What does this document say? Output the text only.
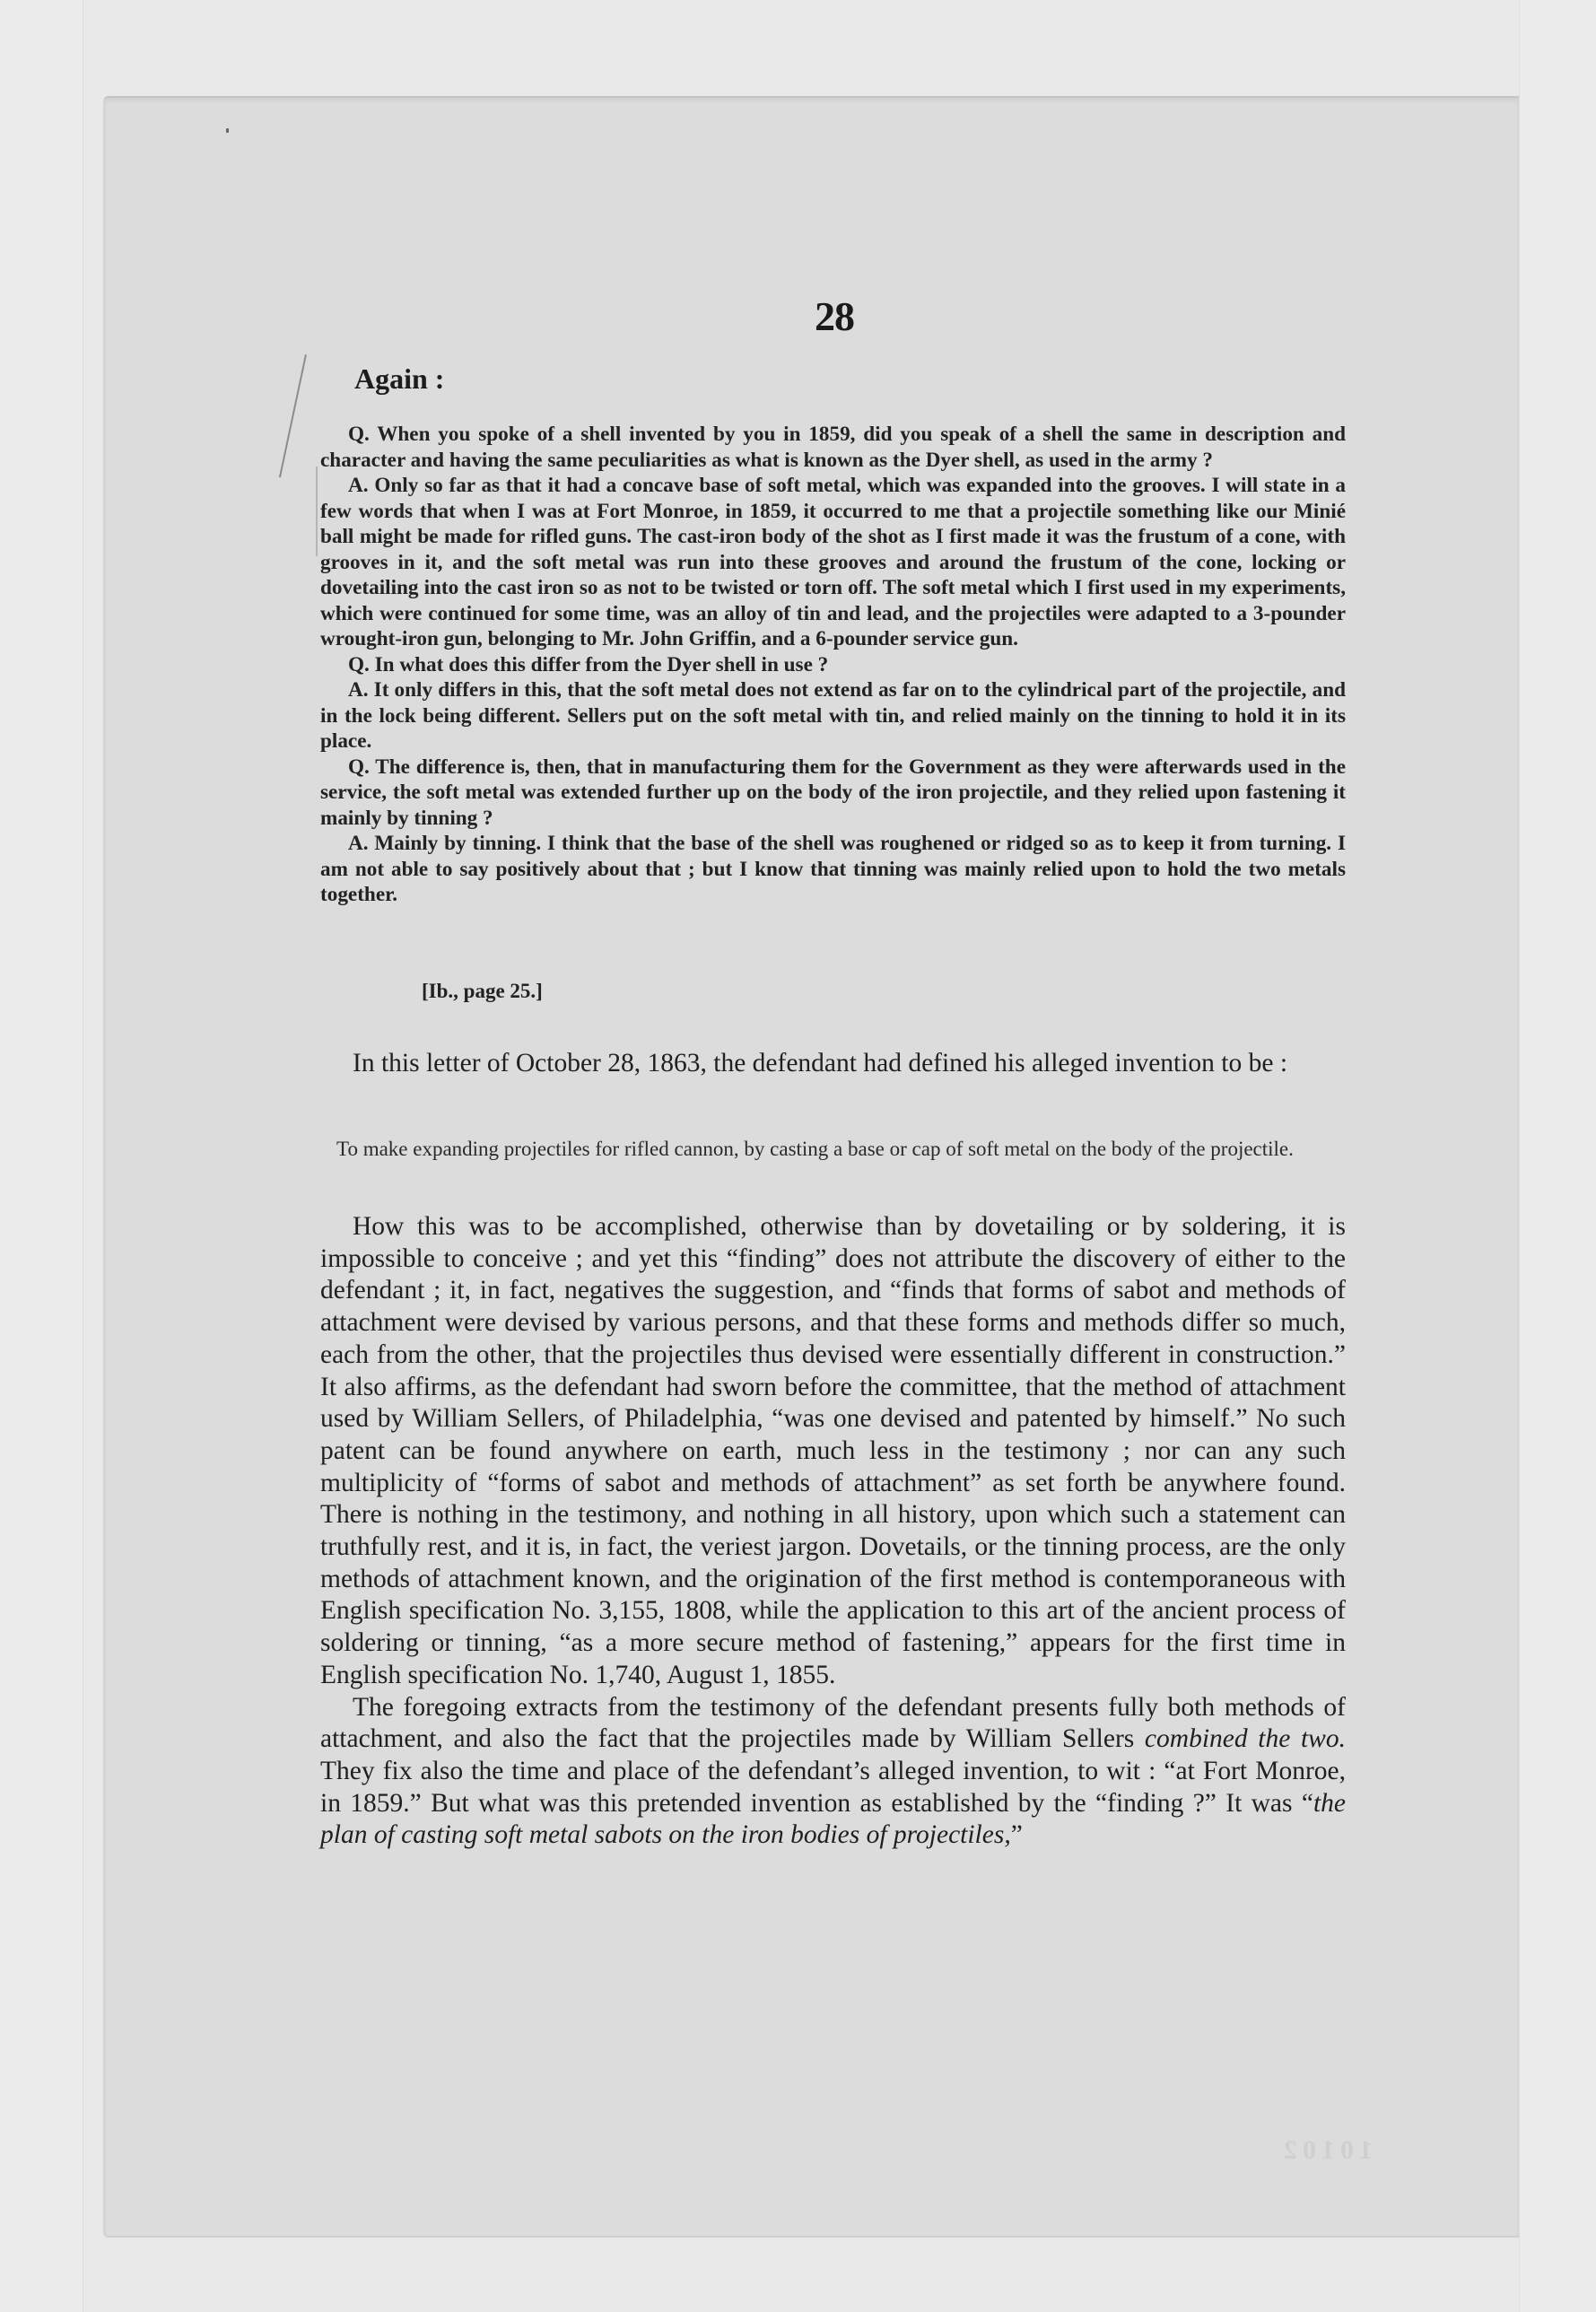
28
Again :

Q. When you spoke of a shell invented by you in 1859, did you speak of a shell the same in description and character and having the same peculiarities as what is known as the Dyer shell, as used in the army ?

A. Only so far as that it had a concave base of soft metal, which was expanded into the grooves. I will state in a few words that when I was at Fort Monroe, in 1859, it occurred to me that a projectile something like our Minié ball might be made for rifled guns. The cast-iron body of the shot as I first made it was the frustum of a cone, with grooves in it, and the soft metal was run into these grooves and around the frustum of the cone, locking or dovetailing into the cast iron so as not to be twisted or torn off. The soft metal which I first used in my experiments, which were continued for some time, was an alloy of tin and lead, and the projectiles were adapted to a 3-pounder wrought-iron gun, belonging to Mr. John Griffin, and a 6-pounder service gun.

Q. In what does this differ from the Dyer shell in use ?

A. It only differs in this, that the soft metal does not extend as far on to the cylindrical part of the projectile, and in the lock being different. Sellers put on the soft metal with tin, and relied mainly on the tinning to hold it in its place.

Q. The difference is, then, that in manufacturing them for the Government as they were afterwards used in the service, the soft metal was extended further up on the body of the iron projectile, and they relied upon fastening it mainly by tinning ?

A. Mainly by tinning. I think that the base of the shell was roughened or ridged so as to keep it from turning. I am not able to say positively about that ; but I know that tinning was mainly relied upon to hold the two metals together.

[Ib., page 25.]

In this letter of October 28, 1863, the defendant had defined his alleged invention to be :

To make expanding projectiles for rifled cannon, by casting a base or cap of soft metal on the body of the projectile.

How this was to be accomplished, otherwise than by dovetailing or by soldering, it is impossible to conceive ; and yet this “finding” does not attribute the discovery of either to the defendant ; it, in fact, negatives the suggestion, and “finds that forms of sabot and methods of attachment were devised by various persons, and that these forms and methods differ so much, each from the other, that the projectiles thus devised were essentially different in construction.” It also affirms, as the defendant had sworn before the committee, that the method of attachment used by William Sellers, of Philadelphia, “was one devised and patented by himself.” No such patent can be found anywhere on earth, much less in the testimony ; nor can any such multiplicity of “forms of sabot and methods of attachment” as set forth be anywhere found. There is nothing in the testimony, and nothing in all history, upon which such a statement can truthfully rest, and it is, in fact, the veriest jargon. Dovetails, or the tinning process, are the only methods of attachment known, and the origination of the first method is contemporaneous with English specification No. 3,155, 1808, while the application to this art of the ancient process of soldering or tinning, “as a more secure method of fastening,” appears for the first time in English specification No. 1,740, August 1, 1855.

The foregoing extracts from the testimony of the defendant presents fully both methods of attachment, and also the fact that the projectiles made by William Sellers combined the two. They fix also the time and place of the defendant’s alleged invention, to wit : “at Fort Monroe, in 1859.” But what was this pretended invention as established by the “finding ?” It was “the plan of casting soft metal sabots on the iron bodies of projectiles,”

10102
